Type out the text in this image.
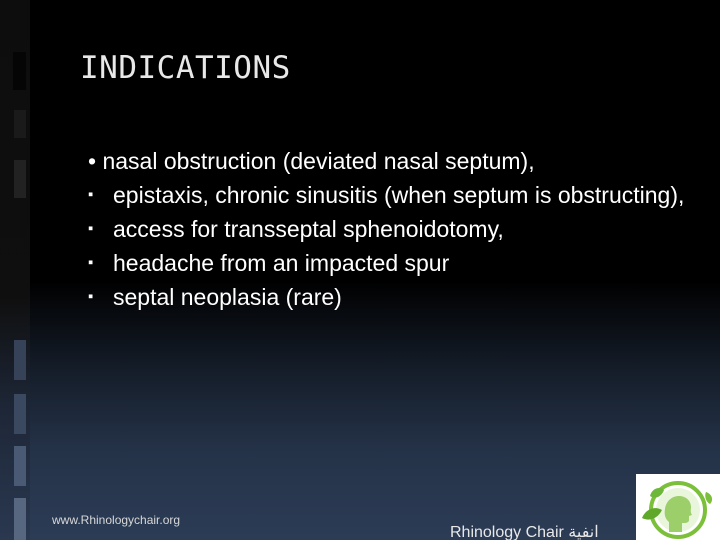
INDICATIONS
• nasal obstruction (deviated nasal septum),
▪ epistaxis, chronic sinusitis (when septum is obstructing),
▪ access for transseptal sphenoidotomy,
▪ headache from an impacted spur
▪ septal neoplasia (rare)
www.Rhinologychair.org
Rhinology Chair انفية
